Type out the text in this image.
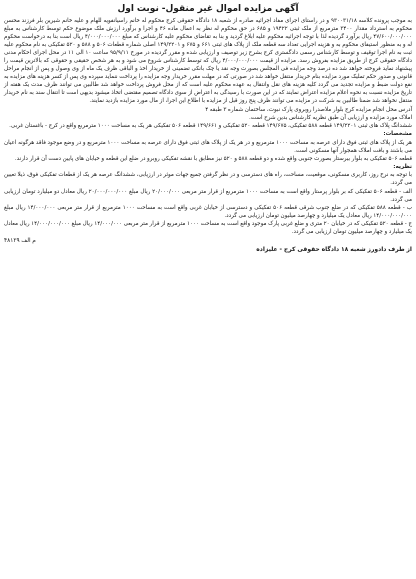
آگهی مزایده اموال غیر منقول- نوبت اول

به موجب پرونده کلاسه ۹۳۰۰۳۱/۱۸ و در راستای اجرای مفاد اجرائیه صادره از شعبه ۱۸ دادگاه حقوقی کرج محکوم له خانم راسیانفویه للهام و علیه خانم شیرین بلر فرزند محسن محکوم به استرداد مقدار ۳۴۰۰ مترمربع از ملک ثبتی ۱۹۴۲۲ و ۶۸۵ در حق محکوم له نظر به اعمال ماده ۴۶ و اجرا و برآورد ارزش ملک موضوع حکم توسط کارشناس به مبلغ ۴۷/۶۰۰/۰۰۰/۰۰۰ ریال برآورد گردیده لذا با توجه اجرائیه محکوم علیه ابلاغ گردید و بنا به تقاضای محکوم علیه کارشناس که مبلغ ۴/۰۰۰/۰۰۰/۰۰۰ ریال است بنا به درخواست محکوم له و به منظور استیفای محکوم به و هزینه اجرایی تعداد سه قطعه ملک از پلاک های ثبتی ۶۶۱ و ۶۷۵ و ۱۴۹/۲۲۰۱ اصلی شماره قطعات ۵۰۶ و ۵۸۸ و ۵۲۰ تفکیکی به نام محکوم علیه ثبت به نام اجرا توقیف و توسط کارشناس رسمی دادگستری کرج بشرح زیر توصیف و ارزیابی شده و مقرر گردیده در مورخ ۹۵/۹/۱۱ ساعت ۱۰ الی ۱۱ در محل اجرای احکام مدنی دادگاه حقوقی کرج از طریق مزایده بفروش رسد. مزایده از قیمت ۴/۰۰۰/۰۰۰/۰۰۰ ریال که توسط کارشناس شروع می شود و به هر شخص حقیقی و حقوقی که بالاترین قیمت را پیشنهاد نماید فروخته خواهد شد ده درصد وجه مزایده فی المجلس بصورت وجه نقد یا چک بانکی تضمینی از خریدار اخذ و الباقی ظرف یک ماه از وی وصول و پس از انجام مراحل قانونی و صدور حکم تملیک مورد مزایده بنام خریدار منتقل خواهد شد در صورتی که در مهلت مقرر خریدار وجه مزایده را پرداخت ننماید سپرده وی پس از کسر هزینه های مزایده به نفع دولت ضبط و مزایده تجدید می گردد کلیه هزینه های نقل وانتقال به عهده محکوم علیه است که از محل فروش پرداخت خواهد شد طالبین می توانند ظرف مدت یک هفته از تاریخ مزایده نسبت به نحوه اعلام مزایده اعتراض نمایند که در این صورت با رسیدگی به اعتراض از سوی دادگاه تصمیم مقتضی اتخاذ میشود بدیهی است تا انتقال سند به نام خریدار منتقل نخواهد شد ضمنا طالبین به شرکت در مزایده می توانند ظرف پنج روز قبل از مزایده با اطلاع این اجرا، از مال مورد مزایده بازدید نمایند.

آدرس محل انجام مزایده کرج بلوار ملاصدرا روبروی پارک نبوت، ساختمان شماره ۳ طبقه ۴

املاک مورد مزایده و ارزیابی آن طبق نظریه کارشناس بدین شرح است.

ششدانگ پلاک های ثبتی ۱۴۹/۲۲۰۱ قطعه ۵۸۸ تفکیکی، ۱۴۹/۶۷۵ قطعه ۵۲۰ تفکیکی و ۱۴۹/۶۶۱ قطعه ۵۰۶ تفکیکی هر یک به مساحت ۱۰۰۰ مترمربع واقع در کرج - باغستان غربی.

مشخصات:

هر یک از پلاک های ثبتی فوق دارای عرصه به مساحت ۱۰۰۰ مترمربع و در هر یک از پلاک های ثبتی فوق دارای عرصه به مساحت ۱۰۰۰ مترمربع و در وضع موجود فاقد هرگونه اعیان می باشند و بافت املاک همجوار آنها مسکونی است.

قطعه ۵۰۶ تفکیکی به بلوار بیرستار بصورت جنوبی واقع شده و دو قطعه ۵۸۸ و ۵۲۰ نیز مطابق با نقشه تفکیکی روبرو در ضلع این قطعه و خیابان های پایین دست آن قرار دارند.

نظریه:

با توجه به نرخ روز، کاربری مسکونی، موقعیت، مساحت، راه های دسترسی و در نظر گرفتن جمیع جهات موثر در ارزیابی، ششدانگ عرصه هر یک از قطعات تفکیکی فوق، ذیلا تعیین می گردد.

الف - قطعه ۵۰۶ تفکیکی که بر بلوار پرستار واقع است به مساحت ۱۰۰۰ مترمربع از قرار متر مربعی ۲۰/۰۰۰/۰۰۰ ریال مبلغ ۲۰/۰۰۰/۰۰۰/۰۰۰ ریال معادل دو میلیارد تومان ارزیابی می گردد.

ب - قطعه ۵۸۸ تفکیکی که در ضلع جنوب شرقی قطعه ۵۰۶ تفکیکی و دسترسی از خیابان غربی واقع است به مساحت ۱۰۰۰ مترمربع از قرار متر مربعی ۱۴/۰۰۰/۰۰۰ ریال مبلغ ۱۴/۰۰۰/۰۰۰/۰۰۰ ریال معادل یک میلیارد و چهارصد میلیون تومان ارزیابی می گردد.

ج - قطعه ۵۲۰ تفکیکی که در خیابان ۲۰ متری و ضلع غربی پارک موجود واقع است به مساحت ۱۰۰۰ مترمربع از قرار متر مربعی ۱۴/۰۰۰/۰۰۰ ریال مبلغ ۱۴/۰۰۰/۰۰۰/۰۰۰ ریال معادل یک میلیارد و چهارصد میلیون تومان ارزیابی می گردد.

م الف ۴۸۱۲۹

از طرف دادورز شعبه ۱۸ دادگاه حقوقی کرج - علیزاده
